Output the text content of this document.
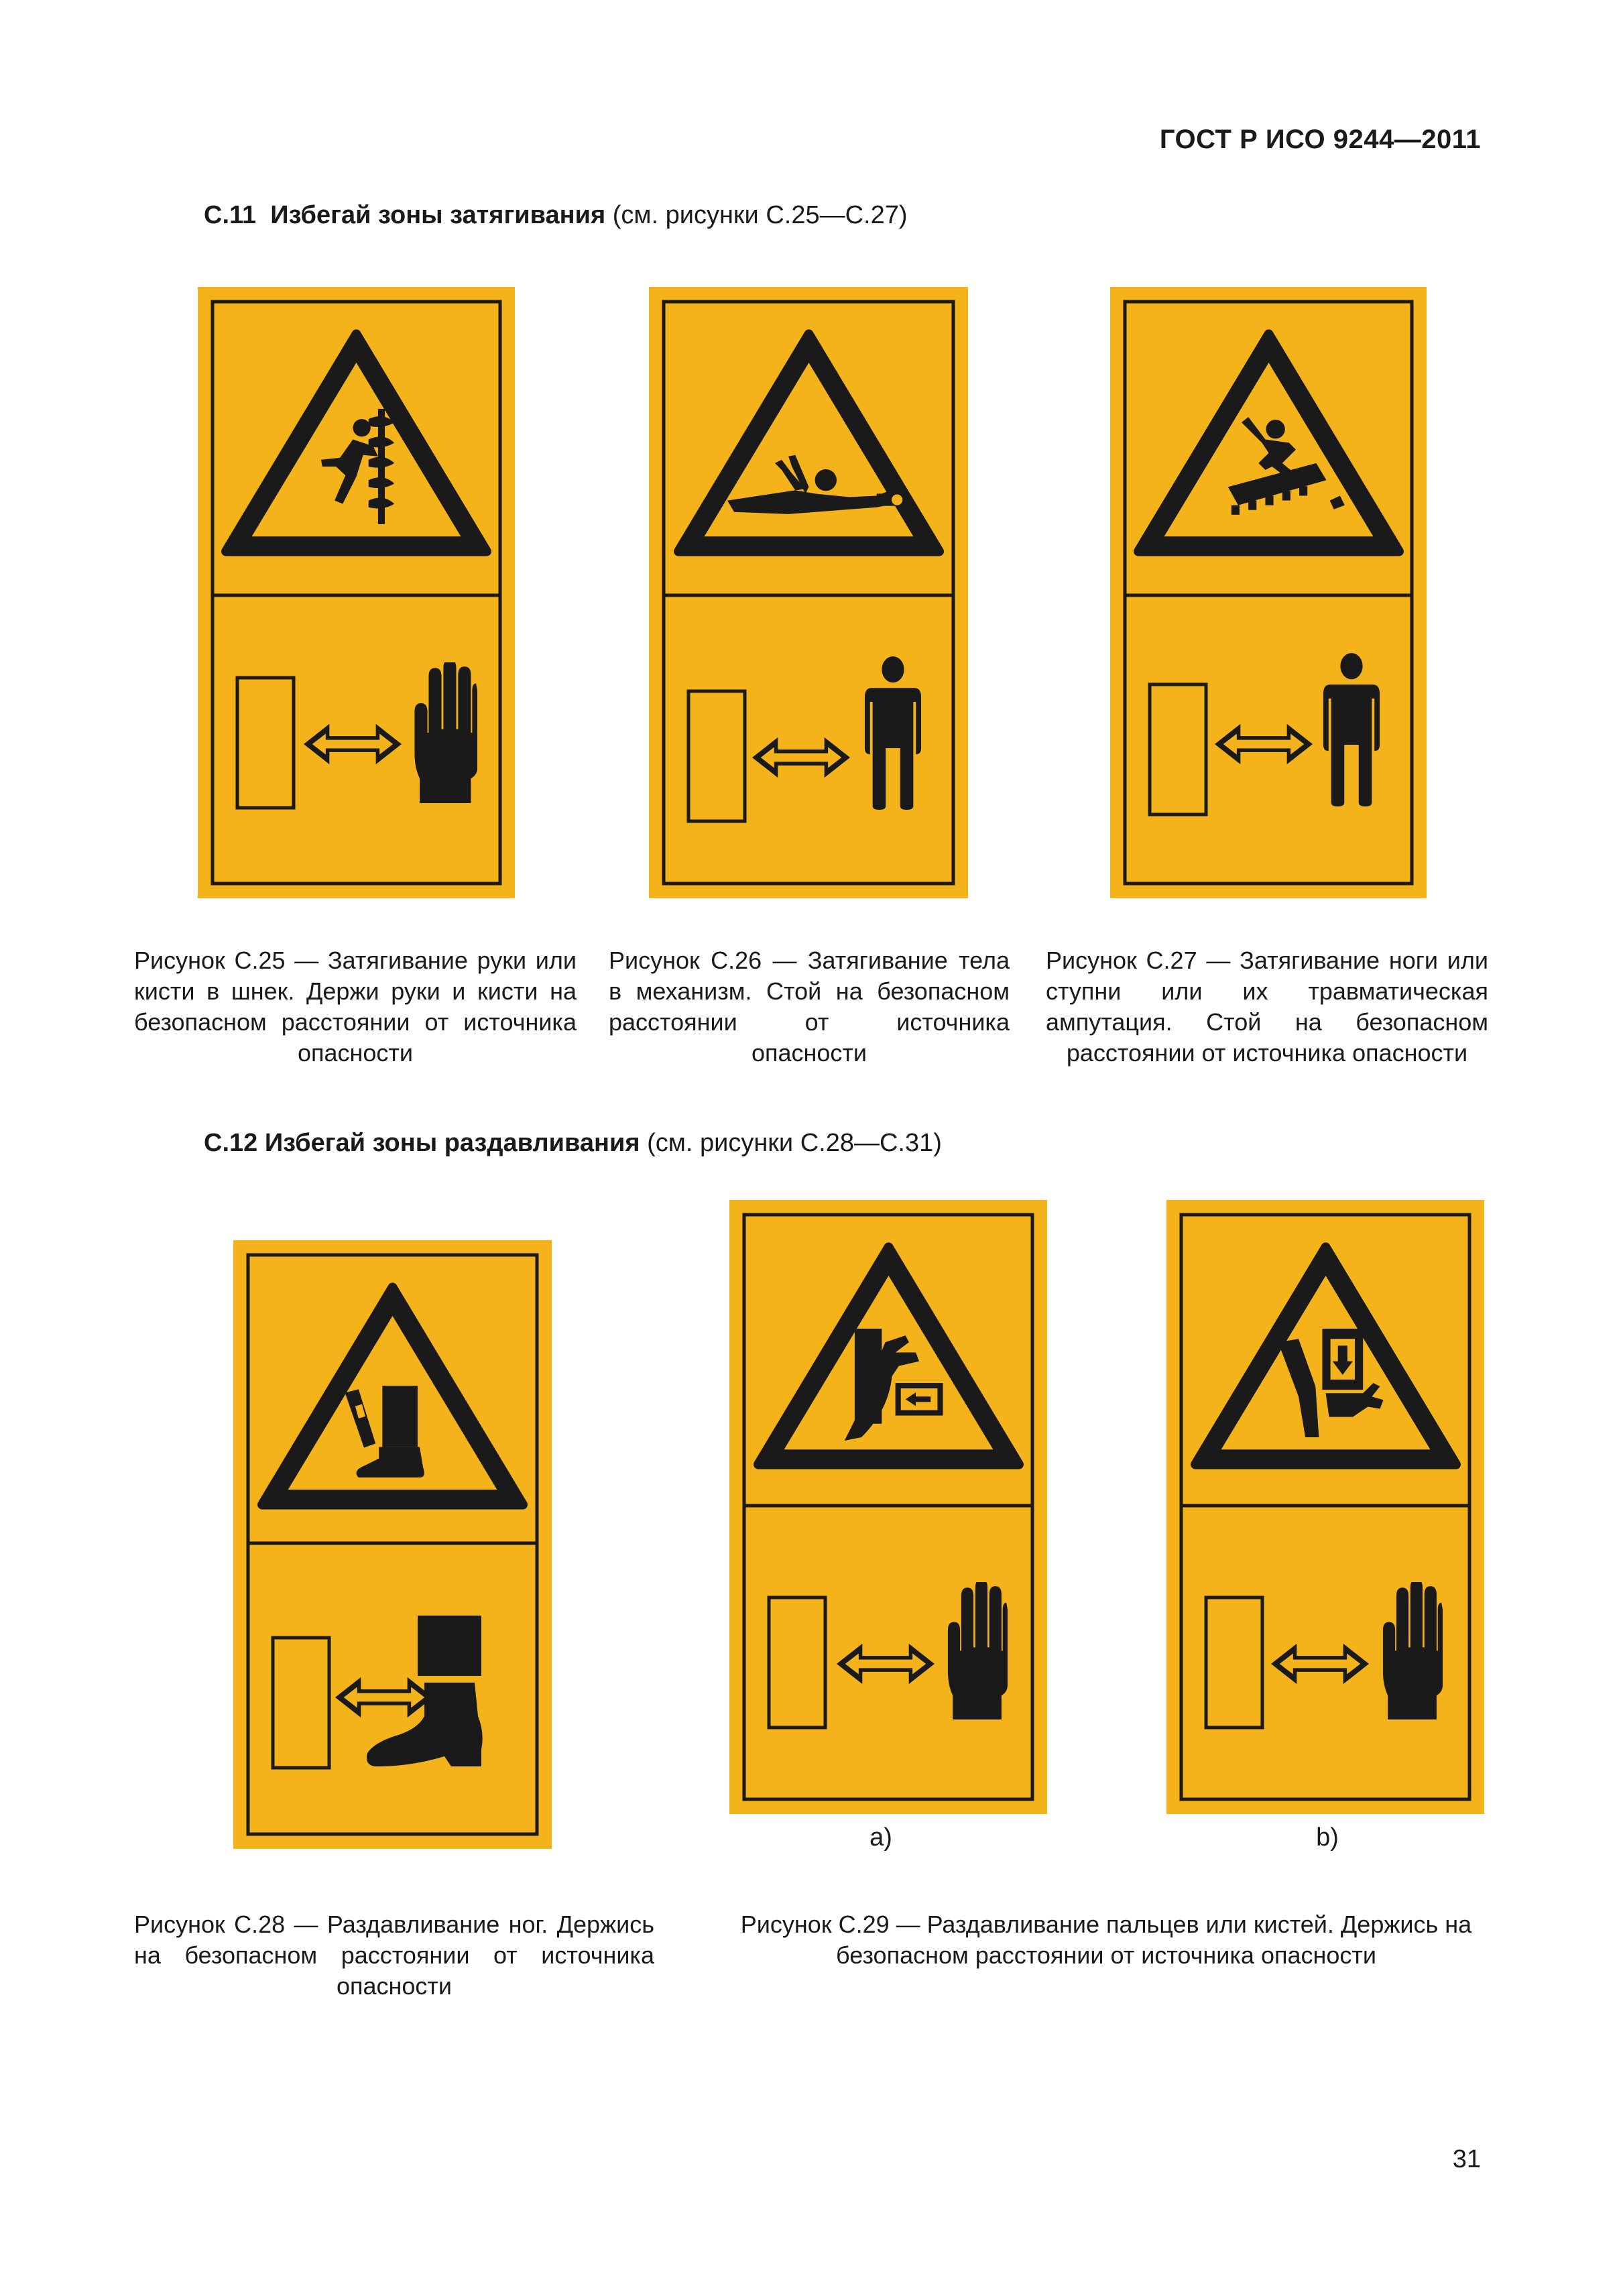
ГОСТ Р ИСО 9244—2011
C.11 Избегай зоны затягивания (см. рисунки С.25—С.27)
Рисунок С.25 — Затягивание руки или кисти в шнек. Держи руки и кисти на безопасном расстоянии от источника опасности
Рисунок С.26 — Затягивание тела в механизм. Стой на безопасном расстоянии от источника опасности
Рисунок С.27 — Затягивание ноги или ступни или их травматическая ампутация. Стой на безопасном расстоянии от источника опасности
C.12 Избегай зоны раздавливания (см. рисунки С.28—С.31)
a)	b)
Рисунок С.28 — Раздавливание ног. Держись на безопасном расстоянии от источника опасности
Рисунок С.29 — Раздавливание пальцев или кистей. Держись на безопасном расстоянии от источника опасности
31
